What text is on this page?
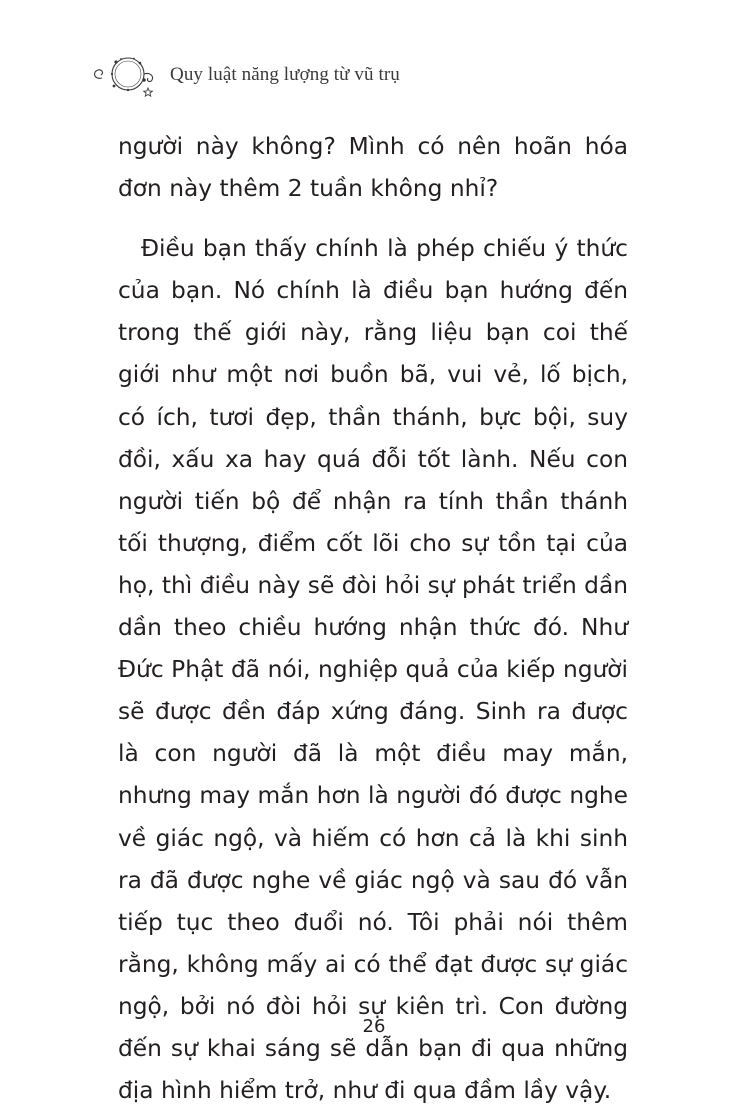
Quy luật năng lượng từ vũ trụ

người này không? Mình có nên hoãn hóa đơn này thêm 2 tuần không nhỉ?

Điều bạn thấy chính là phép chiếu ý thức của bạn. Nó chính là điều bạn hướng đến trong thế giới này, rằng liệu bạn coi thế giới như một nơi buồn bã, vui vẻ, lố bịch, có ích, tươi đẹp, thần thánh, bực bội, suy đồi, xấu xa hay quá đỗi tốt lành. Nếu con người tiến bộ để nhận ra tính thần thánh tối thượng, điểm cốt lõi cho sự tồn tại của họ, thì điều này sẽ đòi hỏi sự phát triển dần dần theo chiều hướng nhận thức đó. Như Đức Phật đã nói, nghiệp quả của kiếp người sẽ được đền đáp xứng đáng. Sinh ra được là con người đã là một điều may mắn, nhưng may mắn hơn là người đó được nghe về giác ngộ, và hiếm có hơn cả là khi sinh ra đã được nghe về giác ngộ và sau đó vẫn tiếp tục theo đuổi nó. Tôi phải nói thêm rằng, không mấy ai có thể đạt được sự giác ngộ, bởi nó đòi hỏi sự kiên trì. Con đường đến sự khai sáng sẽ dẫn bạn đi qua những địa hình hiểm trở, như đi qua đầm lầy vậy.

26
